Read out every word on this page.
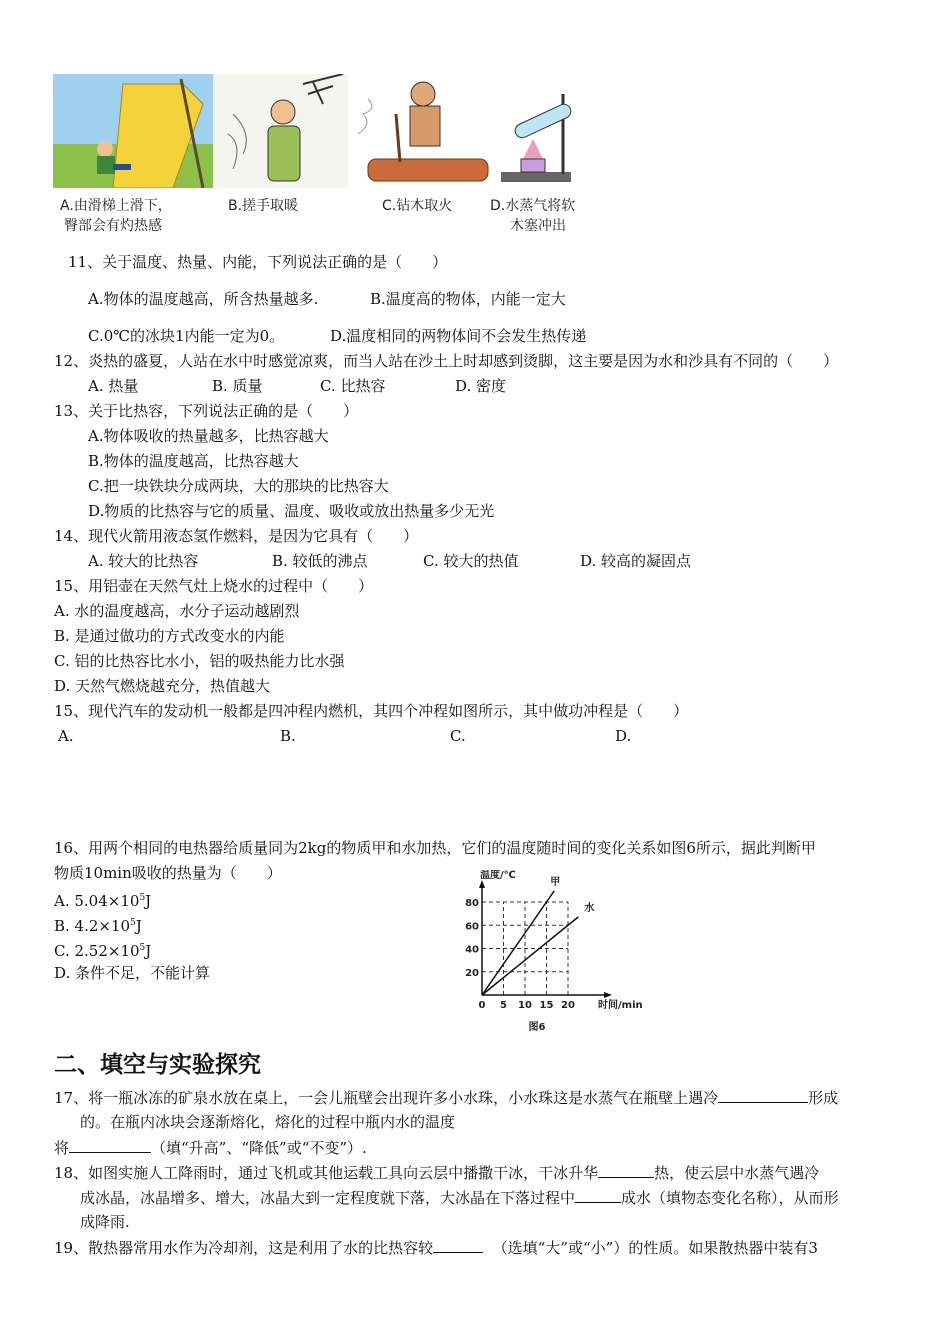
A.由滑梯上滑下，
臀部会有灼热感
B.搓手取暖	C.钻木取火	D.水蒸气将软
木塞冲出
11、关于温度、热量、内能，下列说法正确的是（　　）
A.物体的温度越高，所含热量越多.	B.温度高的物体，内能一定大
C.0℃的冰块1内能一定为0。	D.温度相同的两物体间不会发生热传递
12、炎热的盛夏，人站在水中时感觉凉爽，而当人站在沙土上时却感到烫脚，这主要是因为水和沙具有不同的（　　）
A. 热量	B. 质量	C. 比热容	D. 密度
13、关于比热容，下列说法正确的是（　　）
A.物体吸收的热量越多，比热容越大
B.物体的温度越高，比热容越大
C.把一块铁块分成两块，大的那块的比热容大
D.物质的比热容与它的质量、温度、吸收或放出热量多少无光
14、现代火箭用液态氢作燃料，是因为它具有（　　）
A. 较大的比热容	B. 较低的沸点	C. 较大的热值	D. 较高的凝固点
15、用铝壶在天然气灶上烧水的过程中（　　）
A. 水的温度越高，水分子运动越剧烈
B. 是通过做功的方式改变水的内能
C. 铝的比热容比水小，铝的吸热能力比水强
D. 天然气燃烧越充分，热值越大
15、现代汽车的发动机一般都是四冲程内燃机，其四个冲程如图所示，其中做功冲程是（　　）
A.	B.	C.	D.
16、用两个相同的电热器给质量同为2kg的物质甲和水加热，它们的温度随时间的变化关系如图6所示，据此判断甲
物质10min吸收的热量为（　　）
A. $5.04\times 10^5J$
B. $4.2\times 10^5J$
C. $2.52\times 10^5J$
D. 条件不足，不能计算	20
40
60
80
0 5 10 15 20
甲
水
温度/℃
时间/min
图6
二、填空与实验探究
17、将一瓶冰冻的矿泉水放在桌上，一会儿瓶壁会出现许多小水珠，小水珠这是水蒸气在瓶壁上遇冷	形成
的。在瓶内冰块会逐渐熔化，熔化的过程中瓶内水的温度
将	（填“升高”、“降低”或“不变”）.
18、如图实施人工降雨时，通过飞机或其他运载工具向云层中播撒干冰，干冰升华	热，使云层中水蒸气遇冷
成冰晶，冰晶增多、增大，冰晶大到一定程度就下落，大冰晶在下落过程中	成水（填物态变化名称），从而形
成降雨.
19、散热器常用水作为冷却剂，这是利用了水的比热容较	（选填“大”或“小”）的性质。如果散热器中装有3
